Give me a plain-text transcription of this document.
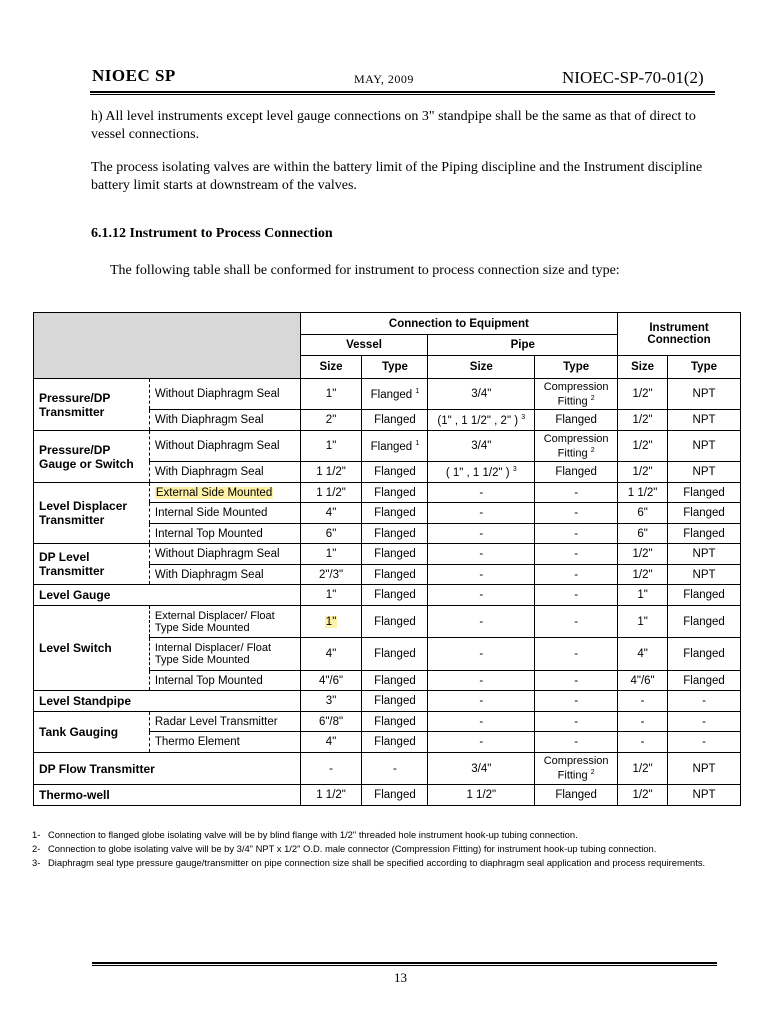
NIOEC SP	MAY, 2009	NIOEC-SP-70-01(2)
h) All level instruments except level gauge connections on 3" standpipe shall be the same as that of direct to vessel connections.
The process isolating valves are within the battery limit of the Piping discipline and the Instrument discipline battery limit starts at downstream of the valves.
6.1.12 Instrument to Process Connection
The following table shall be conformed for instrument to process connection size and type:
		Connection to Equipment				Instrument Connection	
		Vessel		Pipe			
		Size	Type	Size	Type	Size	Type
Pressure/DP Transmitter	Without Diaphragm Seal	1"	Flanged $^1$	3/4"	Compression Fitting $^2$	1/2"	NPT
	With Diaphragm Seal	2"	Flanged	(1" , 1 1/2" , 2" ) $^3$	Flanged	1/2"	NPT
Pressure/DP Gauge or Switch	Without Diaphragm Seal	1"	Flanged $^1$	3/4"	Compression Fitting $^2$	1/2"	NPT
	With Diaphragm Seal	1 1/2"	Flanged	( 1" , 1 1/2" ) $^3$	Flanged	1/2"	NPT
Level Displacer Transmitter	External Side Mounted	1 1/2"	Flanged	-	-	1 1/2"	Flanged
	Internal Side Mounted	4"	Flanged	-	-	6"	Flanged
	Internal Top Mounted	6"	Flanged	-	-	6"	Flanged
DP Level Transmitter	Without Diaphragm Seal	1"	Flanged	-	-	1/2"	NPT
	With Diaphragm Seal	2"/3"	Flanged	-	-	1/2"	NPT
Level Gauge		1"	Flanged	-	-	1"	Flanged
Level Switch	External Displacer/ Float Type Side Mounted	1"	Flanged	-	-	1"	Flanged
	Internal Displacer/ Float Type Side Mounted	4"	Flanged	-	-	4"	Flanged
	Internal Top Mounted	4"/6"	Flanged	-	-	4"/6"	Flanged
Level Standpipe		3"	Flanged	-	-	-	-
Tank Gauging	Radar Level Transmitter	6"/8"	Flanged	-	-	-	-
	Thermo Element	4"	Flanged	-	-	-	-
DP Flow Transmitter		-	-	3/4"	Compression Fitting $^2$	1/2"	NPT
Thermo-well		1 1/2"	Flanged	1 1/2"	Flanged	1/2"	NPT
1- Connection to flanged globe isolating valve will be by blind flange with 1/2" threaded hole instrument hook-up tubing connection.
2- Connection to globe isolating valve will be by 3/4" NPT x 1/2" O.D. male connector (Compression Fitting) for instrument hook-up tubing connection.
3- Diaphragm seal type pressure gauge/transmitter on pipe connection size shall be specified according to diaphragm seal application and process requirements.
13
